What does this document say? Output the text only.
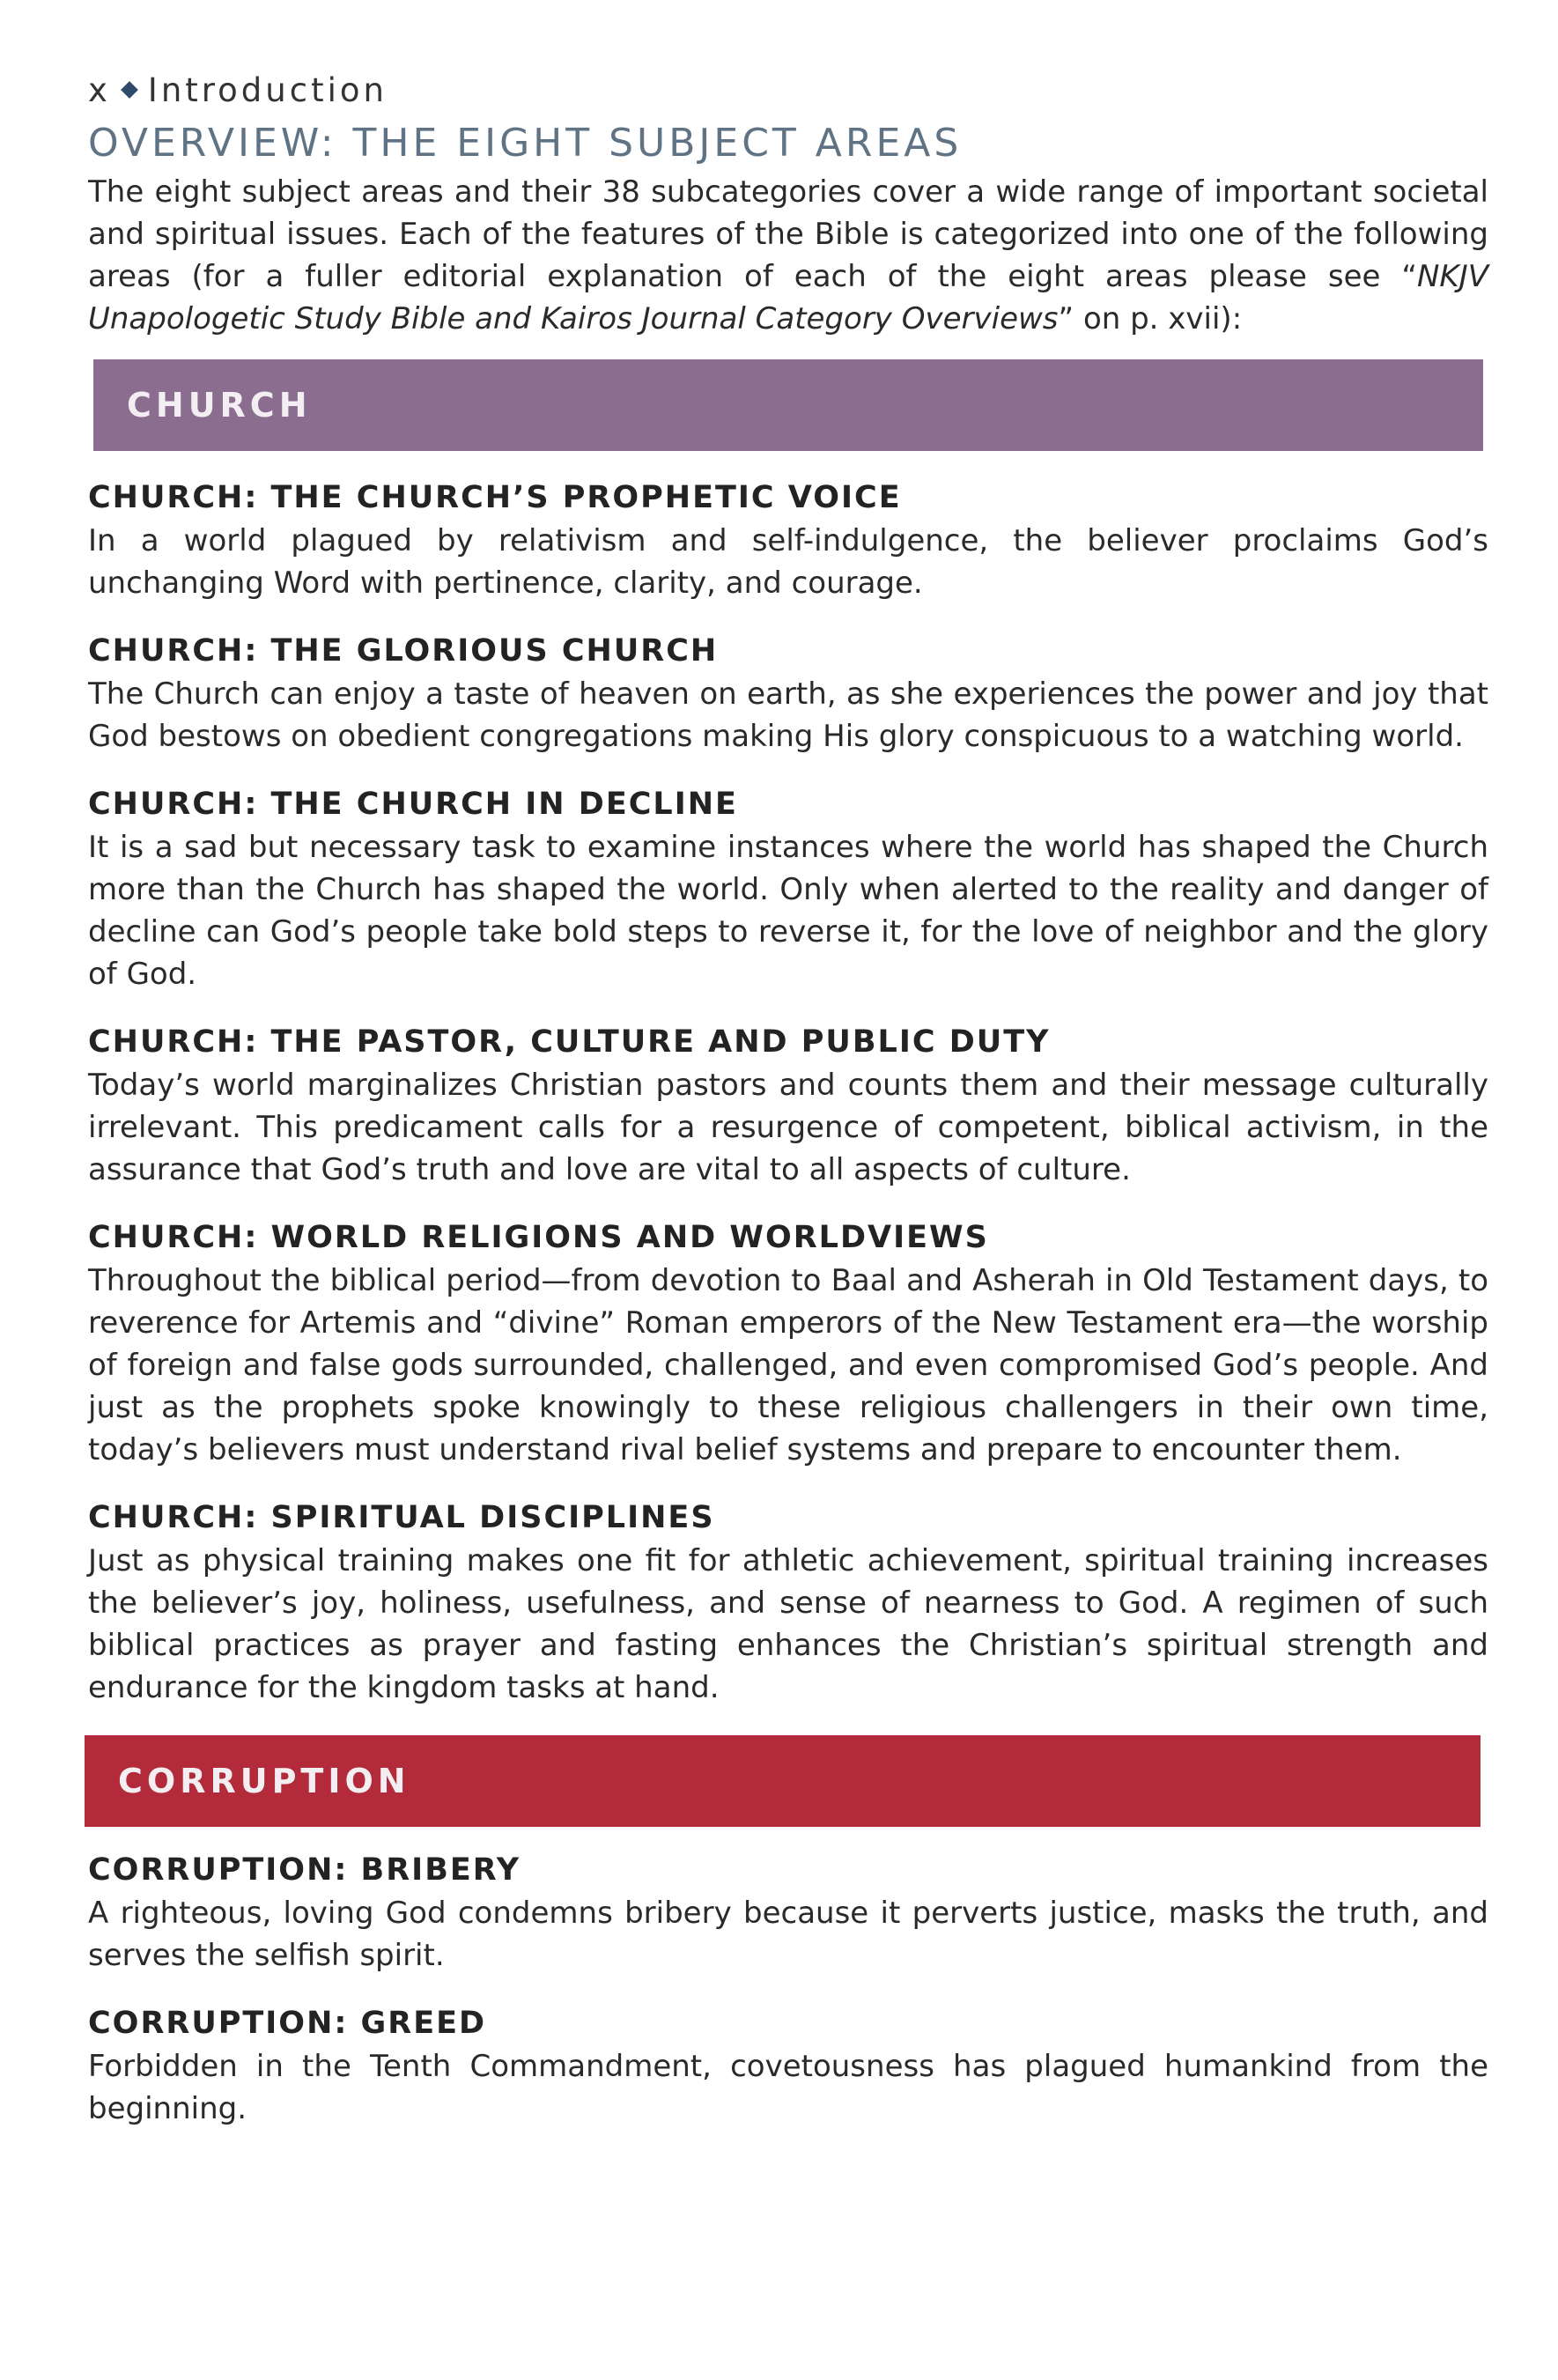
x Introduction
OVERVIEW: THE EIGHT SUBJECT AREAS

The eight subject areas and their 38 subcategories cover a wide range of important societal and spiritual issues. Each of the features of the Bible is categorized into one of the following areas (for a fuller editorial explanation of each of the eight areas please see “NKJV Unapologetic Study Bible and Kairos Journal Category Overviews” on p. xvii):

CHURCH
CHURCH: THE CHURCH’S PROPHETIC VOICE

In a world plagued by relativism and self-indulgence, the believer proclaims God’s unchanging Word with pertinence, clarity, and courage.

CHURCH: THE GLORIOUS CHURCH

The Church can enjoy a taste of heaven on earth, as she experiences the power and joy that God bestows on obedient congregations making His glory conspicuous to a watching world.

CHURCH: THE CHURCH IN DECLINE

It is a sad but necessary task to examine instances where the world has shaped the Church more than the Church has shaped the world. Only when alerted to the reality and danger of decline can God’s people take bold steps to reverse it, for the love of neighbor and the glory of God.

CHURCH: THE PASTOR, CULTURE AND PUBLIC DUTY

Today’s world marginalizes Christian pastors and counts them and their message culturally irrelevant. This predicament calls for a resurgence of competent, biblical activism, in the assurance that God’s truth and love are vital to all aspects of culture.

CHURCH: WORLD RELIGIONS AND WORLDVIEWS

Throughout the biblical period—from devotion to Baal and Asherah in Old Testament days, to reverence for Artemis and “divine” Roman emperors of the New Testament era—the worship of foreign and false gods surrounded, challenged, and even compromised God’s people. And just as the prophets spoke knowingly to these religious challengers in their own time, today’s believers must understand rival belief systems and prepare to encounter them.

CHURCH: SPIRITUAL DISCIPLINES

Just as physical training makes one fit for athletic achievement, spiritual training increases the believer’s joy, holiness, usefulness, and sense of nearness to God. A regimen of such biblical practices as prayer and fasting enhances the Christian’s spiritual strength and endurance for the kingdom tasks at hand.

CORRUPTION
CORRUPTION: BRIBERY

A righteous, loving God condemns bribery because it perverts justice, masks the truth, and serves the selfish spirit.

CORRUPTION: GREED

Forbidden in the Tenth Commandment, covetousness has plagued humankind from the beginning.
